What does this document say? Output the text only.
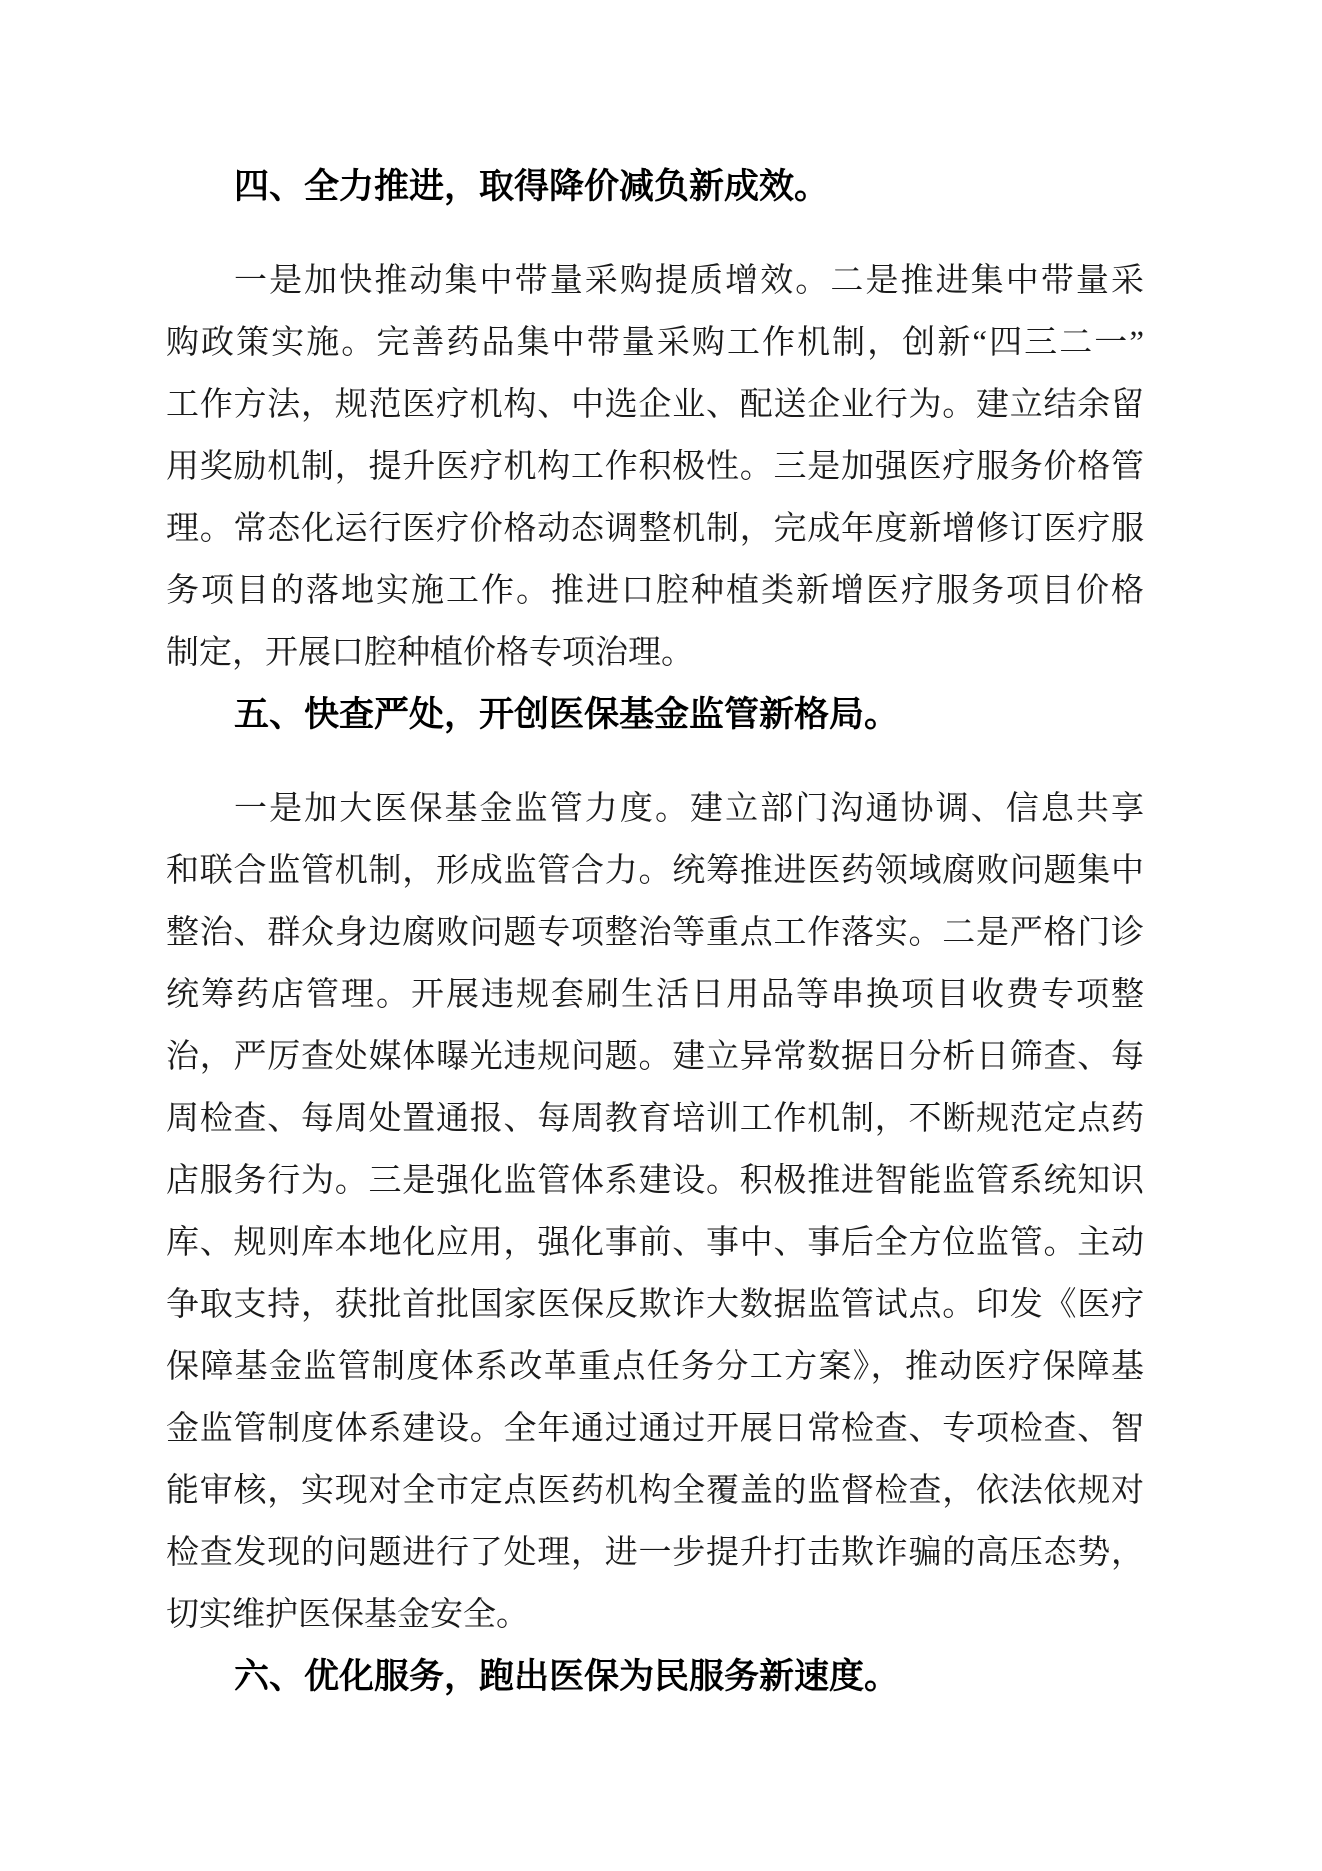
四、全力推进，取得降价减负新成效。
一是加快推动集中带量采购提质增效。二是推进集中带量采
购政策实施。完善药品集中带量采购工作机制，创新“四三二一”
工作方法，规范医疗机构、中选企业、配送企业行为。建立结余留
用奖励机制，提升医疗机构工作积极性。三是加强医疗服务价格管
理。常态化运行医疗价格动态调整机制，完成年度新增修订医疗服
务项目的落地实施工作。推进口腔种植类新增医疗服务项目价格
制定，开展口腔种植价格专项治理。
五、快查严处，开创医保基金监管新格局。
一是加大医保基金监管力度。建立部门沟通协调、信息共享
和联合监管机制，形成监管合力。统筹推进医药领域腐败问题集中
整治、群众身边腐败问题专项整治等重点工作落实。二是严格门诊
统筹药店管理。开展违规套刷生活日用品等串换项目收费专项整
治，严厉查处媒体曝光违规问题。建立异常数据日分析日筛查、每
周检查、每周处置通报、每周教育培训工作机制，不断规范定点药
店服务行为。三是强化监管体系建设。积极推进智能监管系统知识
库、规则库本地化应用，强化事前、事中、事后全方位监管。主动
争取支持，获批首批国家医保反欺诈大数据监管试点。印发《医疗
保障基金监管制度体系改革重点任务分工方案》，推动医疗保障基
金监管制度体系建设。全年通过通过开展日常检查、专项检查、智
能审核，实现对全市定点医药机构全覆盖的监督检查，依法依规对
检查发现的问题进行了处理，进一步提升打击欺诈骗的高压态势，
切实维护医保基金安全。
六、优化服务，跑出医保为民服务新速度。
